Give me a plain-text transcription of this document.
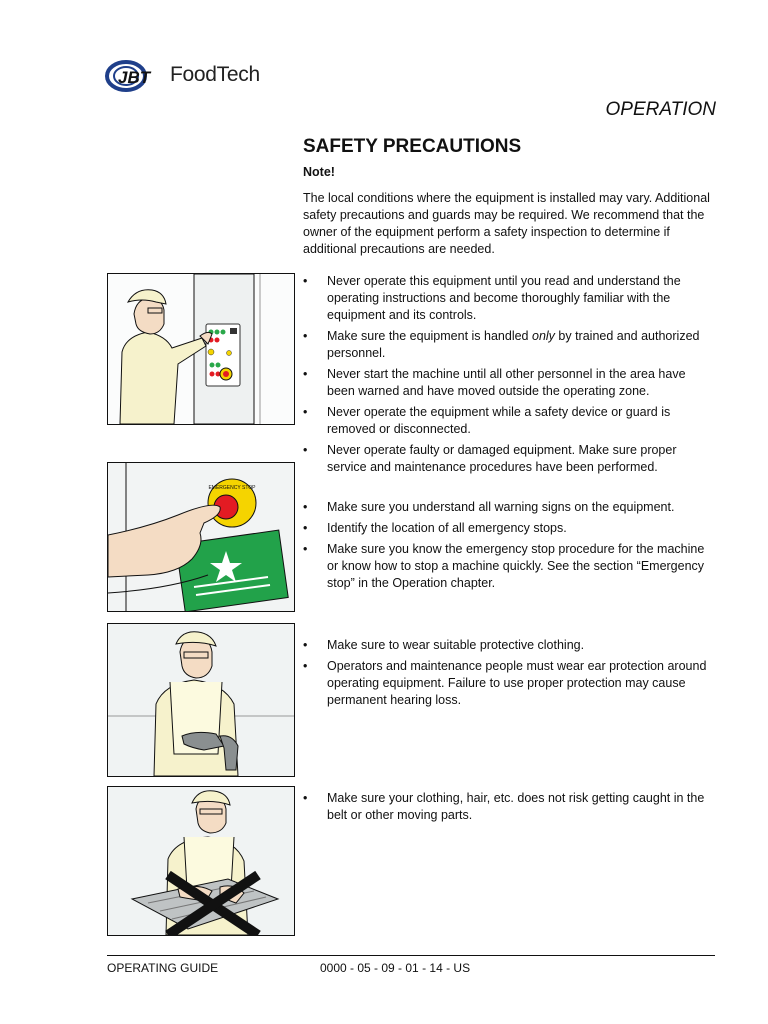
JBT FoodTech
OPERATION
SAFETY PRECAUTIONS
Note!
The local conditions where the equipment is installed may vary. Additional safety precautions and guards may be required. We recommend that the owner of the equipment perform a safety inspection to determine if additional precautions are needed.
• Never operate this equipment until you read and understand the operating instructions and become thoroughly familiar with the equipment and its controls.
• Make sure the equipment is handled only by trained and authorized personnel.
• Never start the machine until all other personnel in the area have been warned and have moved outside the operating zone.
• Never operate the equipment while a safety device or guard is removed or disconnected.
• Never operate faulty or damaged equipment. Make sure proper service and maintenance procedures have been performed.
• Make sure you understand all warning signs on the equipment.
• Identify the location of all emergency stops.
• Make sure you know the emergency stop procedure for the machine or know how to stop a machine quickly. See the section “Emergency stop” in the Operation chapter.
• Make sure to wear suitable protective clothing.
• Operators and maintenance people must wear ear protection around operating equipment. Failure to use proper protection may cause permanent hearing loss.
• Make sure your clothing, hair, etc. does not risk getting caught in the belt or other moving parts.
EMERGENCY STOP
OPERATING GUIDE	0000 - 05 - 09 - 01 - 14 - US
